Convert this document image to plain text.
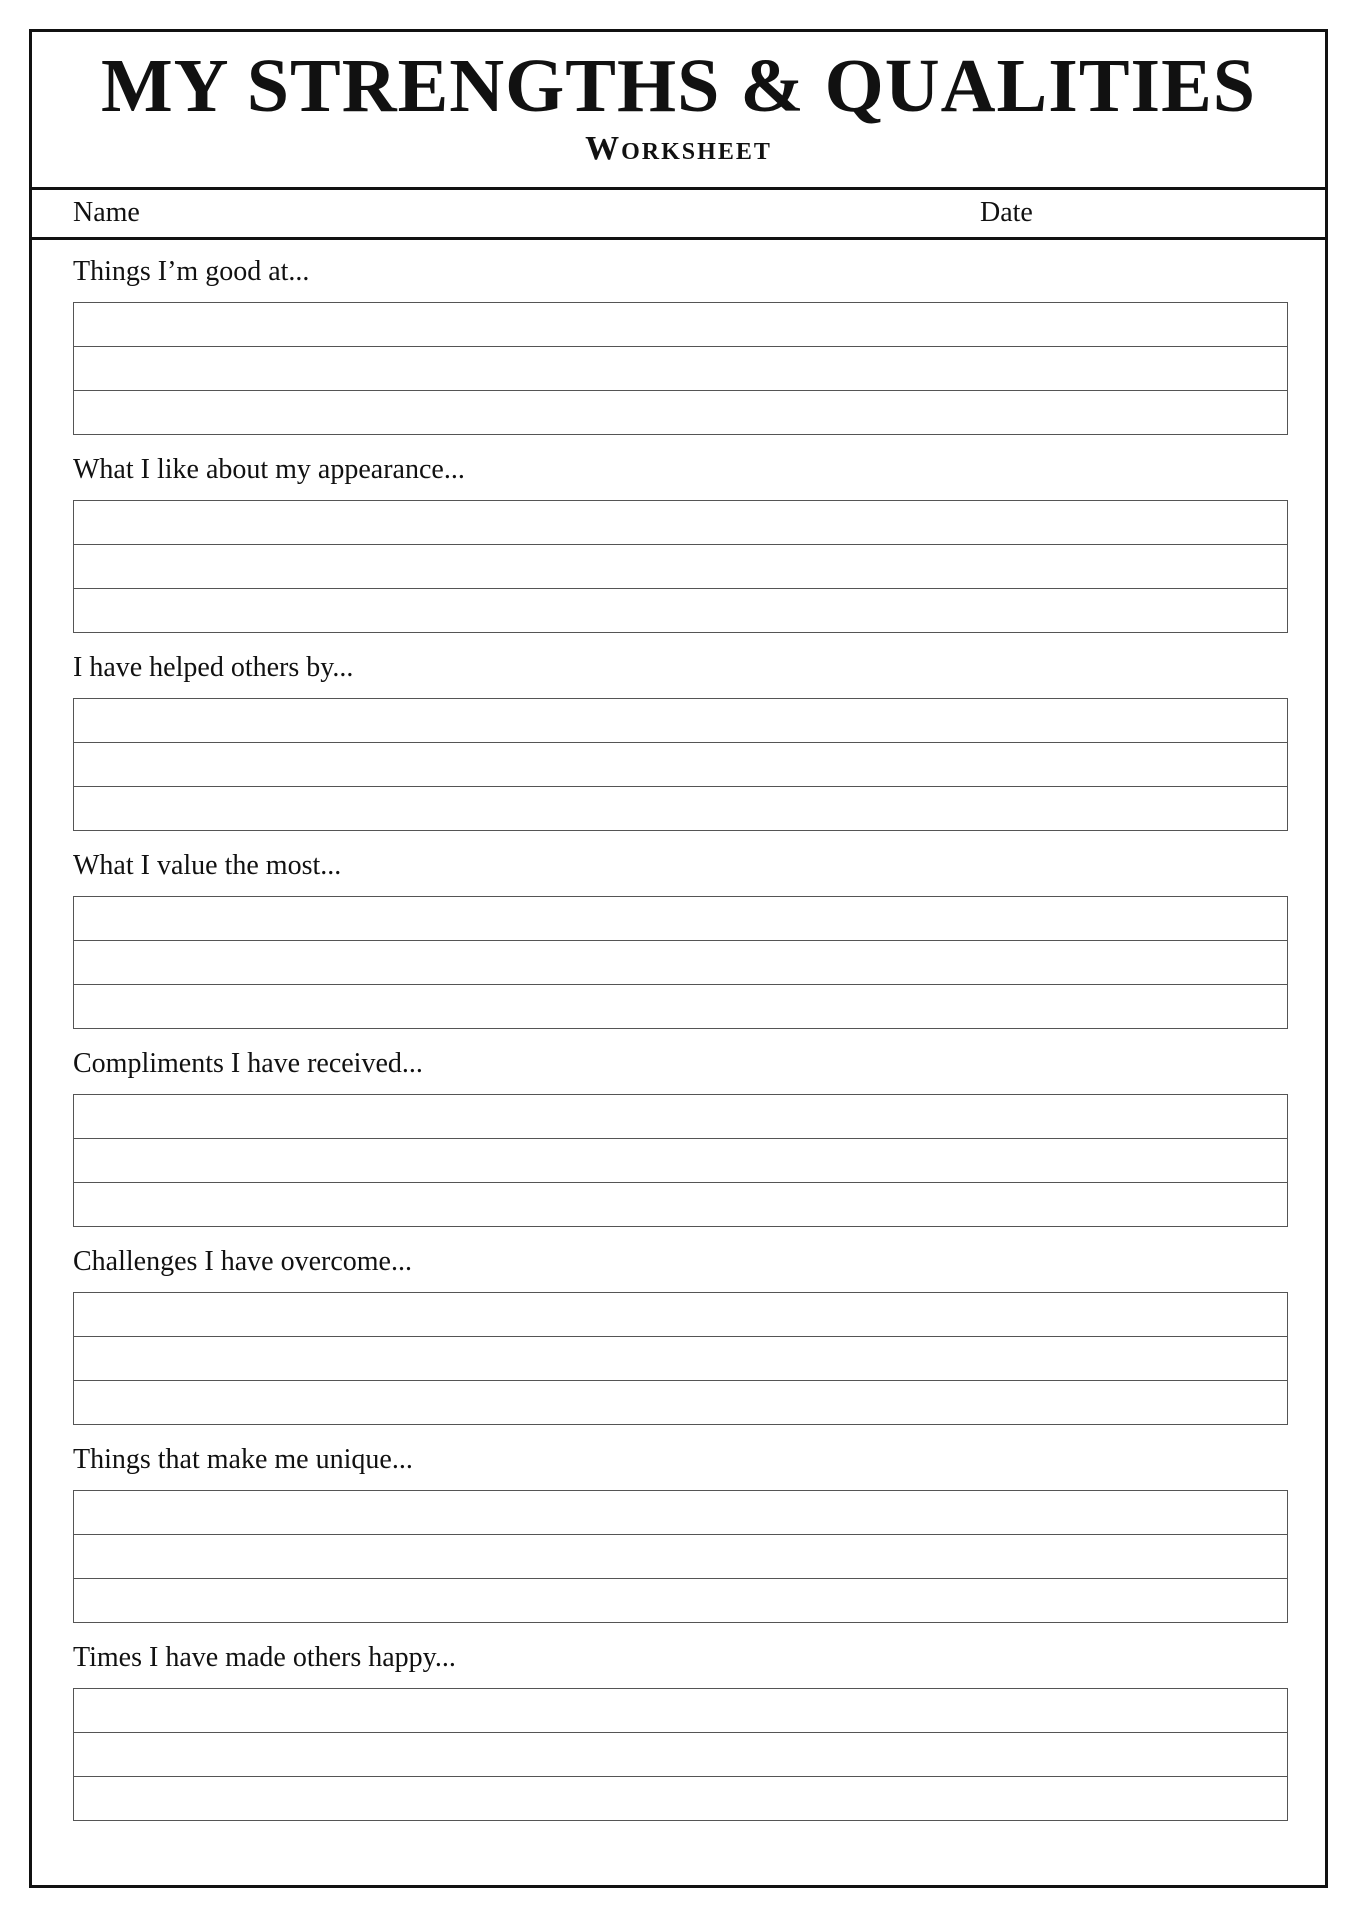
MY STRENGTHS & QUALITIES
Worksheet
Name	Date
Things I’m good at...
What I like about my appearance...
I have helped others by...
What I value the most...
Compliments I have received...
Challenges I have overcome...
Things that make me unique...
Times I have made others happy...
